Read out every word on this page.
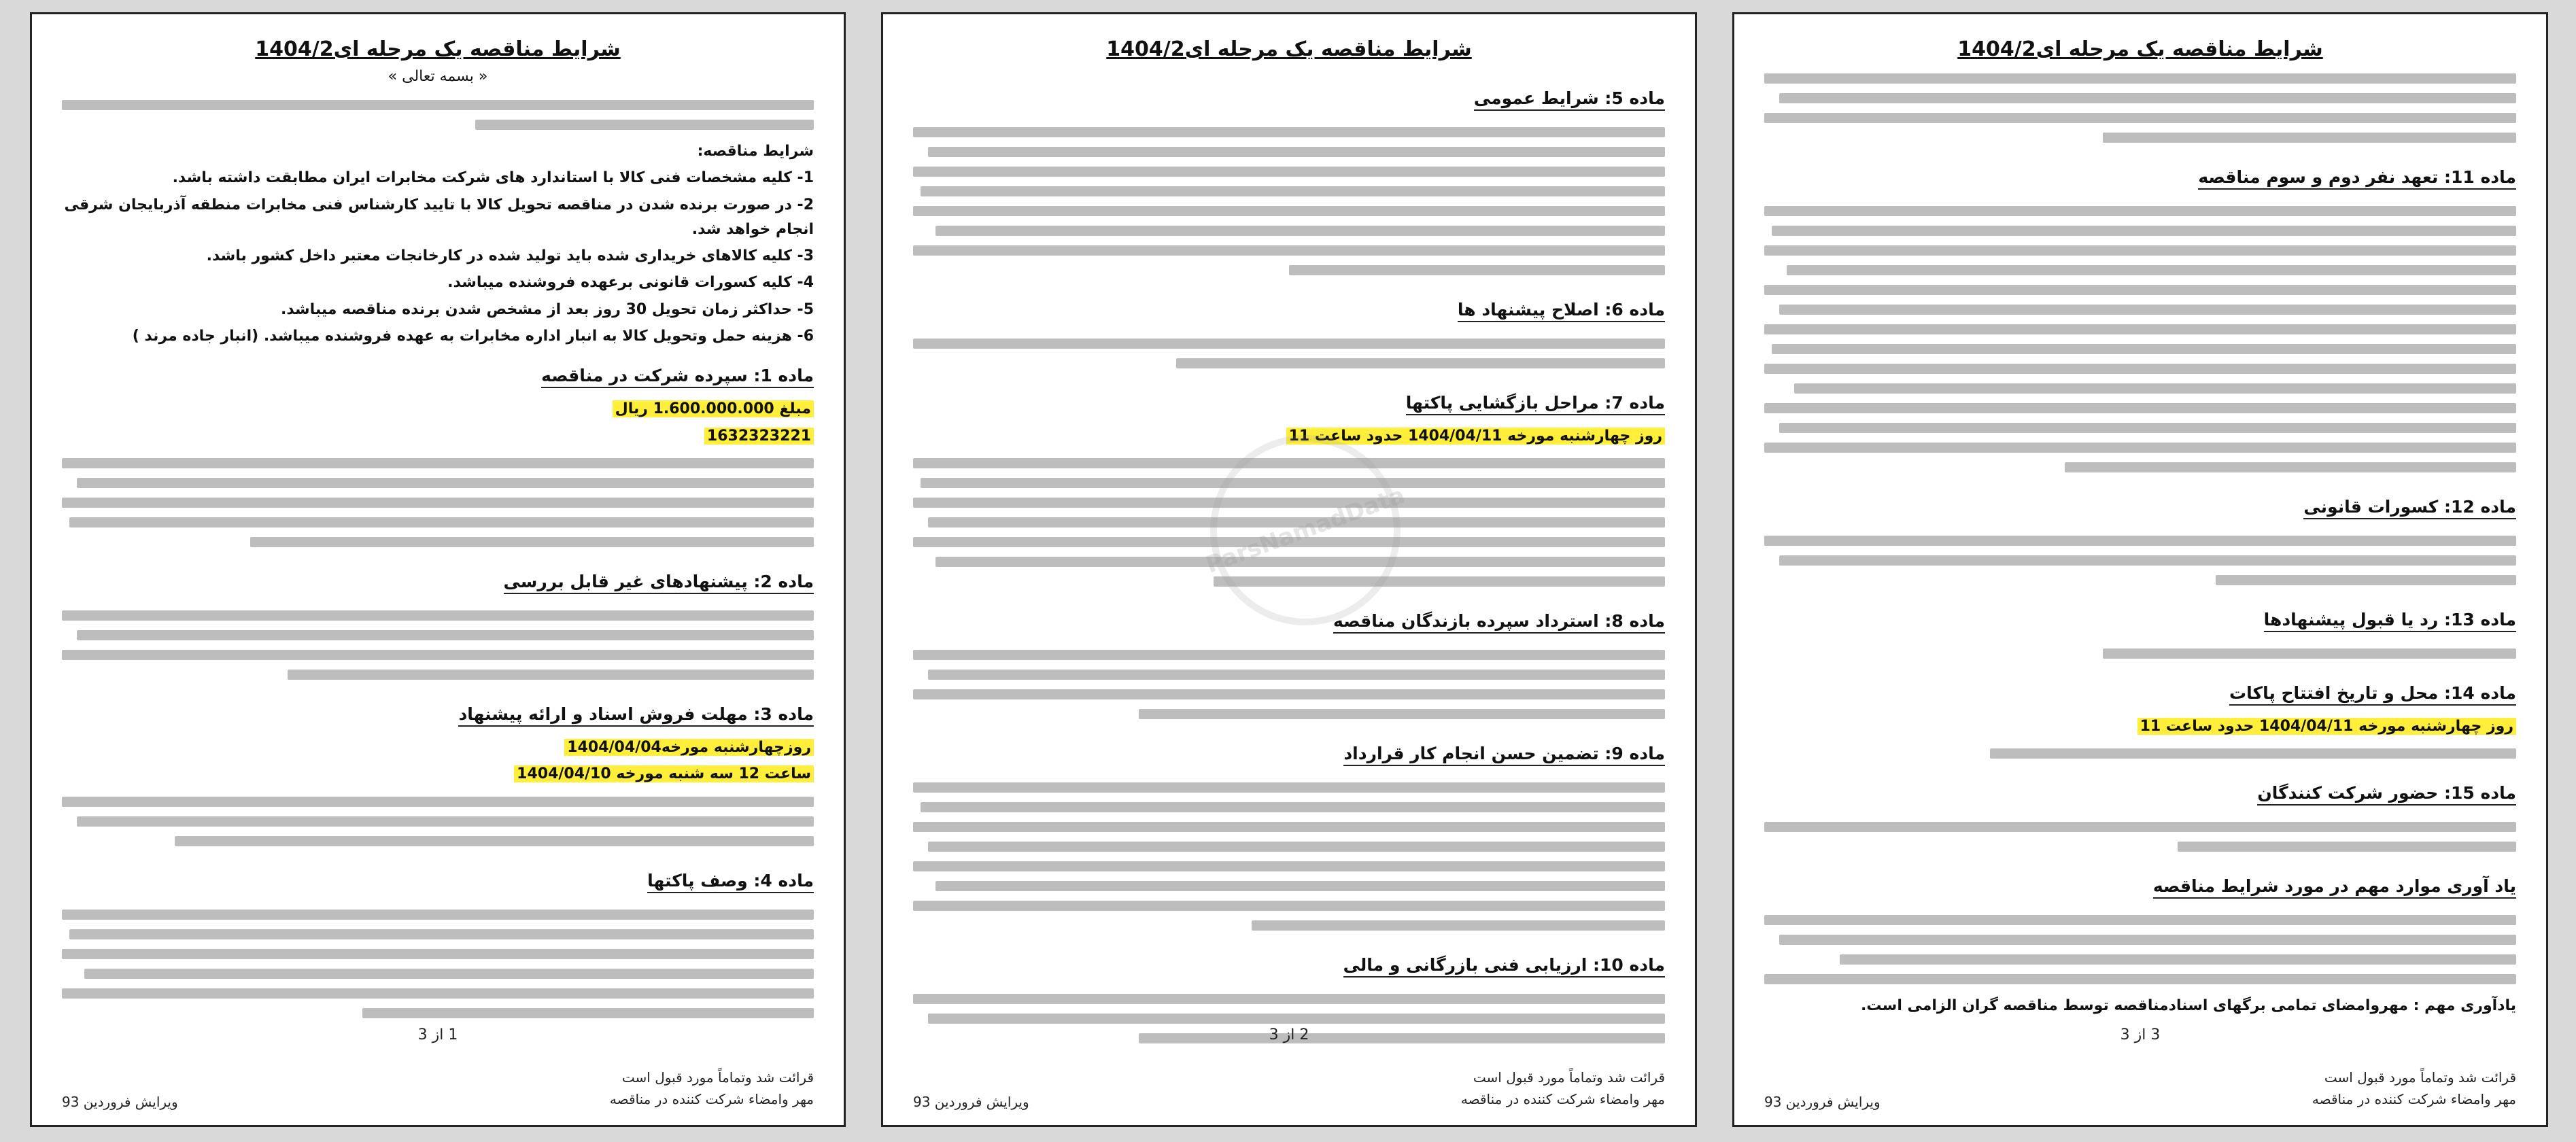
شرایط مناقصه یک مرحله ای1404/2
ماده 11: تعهد نفر دوم و سوم مناقصه
ماده 12: کسورات قانونی
ماده 13: رد یا قبول پیشنهادها
ماده 14: محل و تاریخ افتتاح پاکات
روز چهارشنبه مورخه 1404/04/11 حدود ساعت 11
ماده 15: حضور شرکت کنندگان
یاد آوری موارد مهم در مورد شرایط مناقصه
یادآوری مهم : مهروامضای تمامی برگهای اسنادمناقصه توسط مناقصه گران الزامی است.
3 از 3
قرائت شد وتماماً مورد قبول است
مهر وامضاء شرکت کننده در مناقصه
ویرایش فروردین 93
شرایط مناقصه یک مرحله ای1404/2
ماده 5: شرایط عمومی
ماده 6: اصلاح پیشنهاد ها
ماده 7: مراحل بازگشایی پاکتها
روز چهارشنبه مورخه 1404/04/11 حدود ساعت 11
ماده 8: استرداد سپرده بازندگان مناقصه
ماده 9: تضمین حسن انجام کار قرارداد
ماده 10: ارزیابی فنی بازرگانی و مالی
2 از 3
قرائت شد وتماماً مورد قبول است
مهر وامضاء شرکت کننده در مناقصه
ویرایش فروردین 93
شرایط مناقصه یک مرحله ای1404/2
« بسمه تعالی »
شرایط مناقصه:
1- کلیه مشخصات فنی کالا با استاندارد های شرکت مخابرات ایران مطابقت داشته باشد.
2- در صورت برنده شدن در مناقصه تحویل کالا با تایید کارشناس فنی مخابرات منطقه آذربایجان شرقی انجام خواهد شد.
3- کلیه کالاهای خریداری شده باید تولید شده در کارخانجات معتبر داخل کشور باشد.
4- کلیه کسورات قانونی برعهده فروشنده میباشد.
5- حداکثر زمان تحویل 30 روز بعد از مشخص شدن برنده مناقصه میباشد.
6- هزینه حمل وتحویل کالا به انبار اداره مخابرات به عهده فروشنده میباشد. (انبار جاده مرند )
ماده 1: سپرده شرکت در مناقصه
مبلغ 1.600.000.000 ریال
1632323221
ماده 2: پیشنهادهای غیر قابل بررسی
ماده 3: مهلت فروش اسناد و ارائه پیشنهاد
روزچهارشنبه مورخه1404/04/04
ساعت 12 سه شنبه مورخه 1404/04/10
ماده 4: وصف پاکتها
1 از 3
قرائت شد وتماماً مورد قبول است
مهر وامضاء شرکت کننده در مناقصه
ویرایش فروردین 93
ParsNamadData
